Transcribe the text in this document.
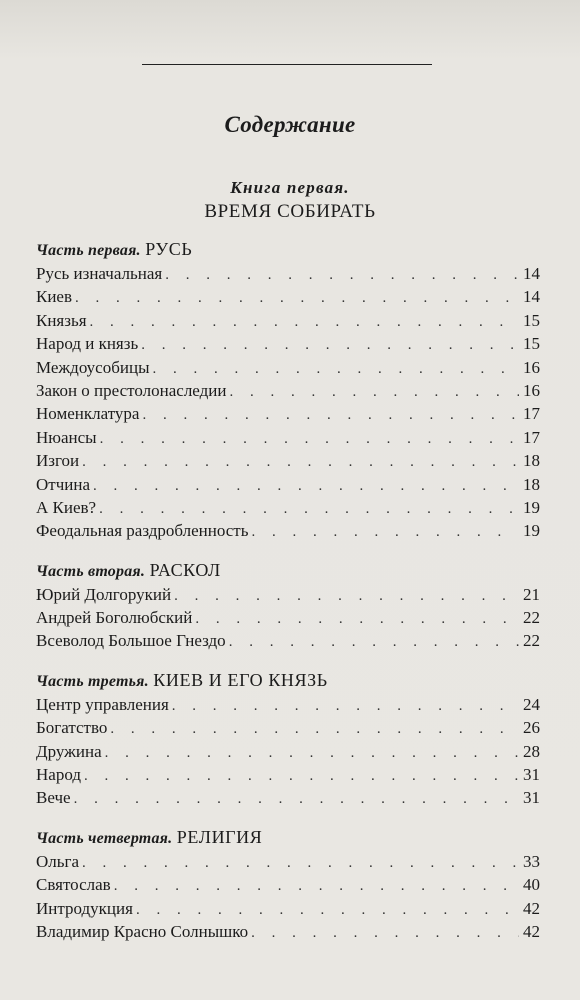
Содержание
Книга первая.
ВРЕМЯ СОБИРАТЬ
Часть первая. РУСЬ
Русь изначальная . . .	14
Киев . . .	14
Князья . . .	15
Народ и князь . . .	15
Междоусобицы . . .	16
Закон о престолонаследии . . .	16
Номенклатура . . .	17
Нюансы . . .	17
Изгои . . .	18
Отчина . . .	18
А Киев? . . .	19
Феодальная раздробленность . . .	19
Часть вторая. РАСКОЛ
Юрий Долгорукий . . .	21
Андрей Боголюбский . . .	22
Всеволод Большое Гнездо . . .	22
Часть третья. КИЕВ И ЕГО КНЯЗЬ
Центр управления . . .	24
Богатство . . .	26
Дружина . . .	28
Народ . . .	31
Вече . . .	31
Часть четвертая. РЕЛИГИЯ
Ольга . . .	33
Святослав . . .	40
Интродукция . . .	42
Владимир Красно Солнышко . . .	42
